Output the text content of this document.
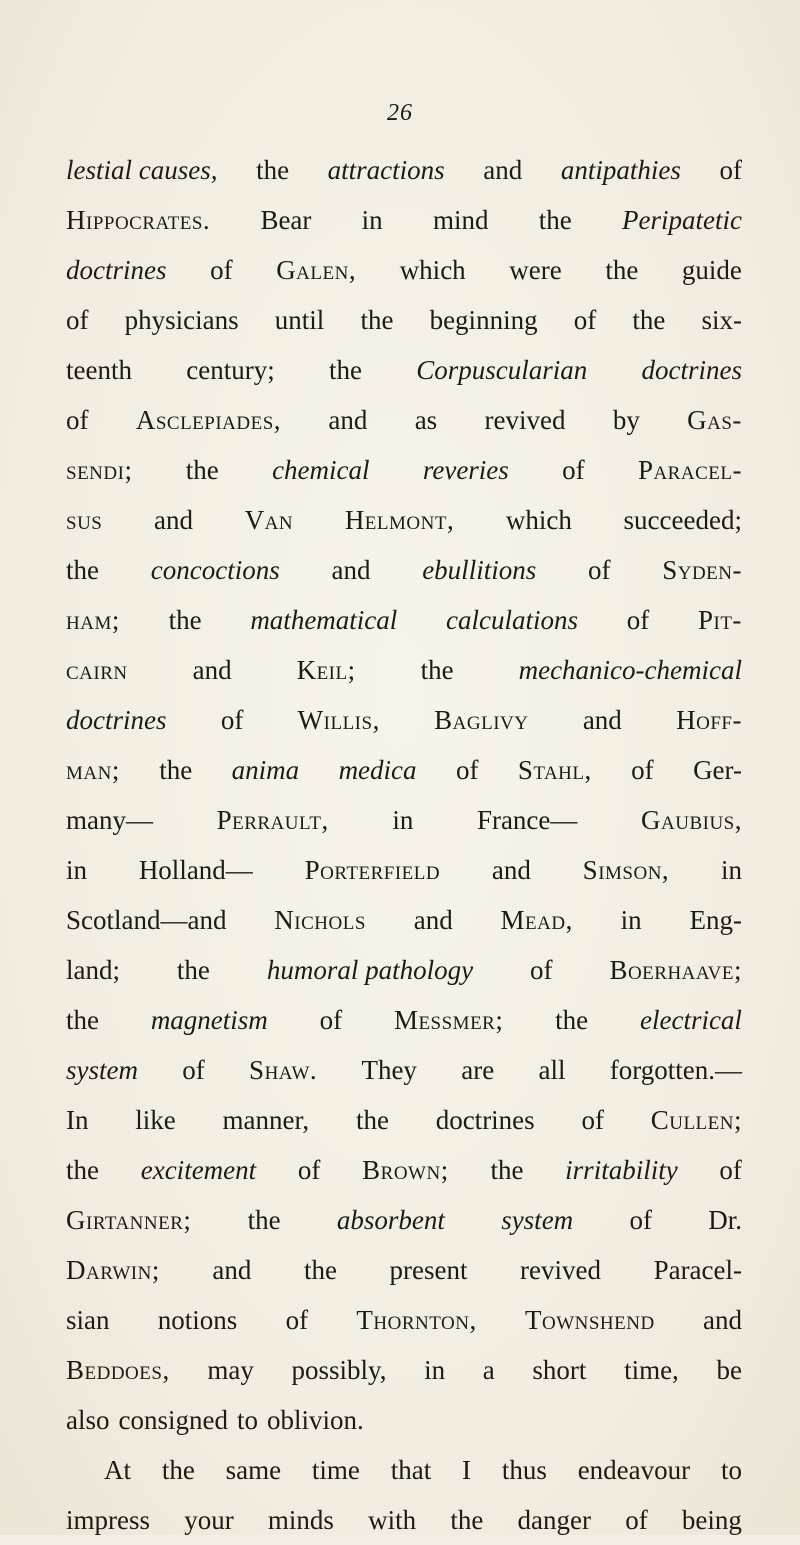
26
lestial causes, the attractions and antipathies of
Hippocrates. Bear in mind the Peripatetic
doctrines of Galen, which were the guide
of physicians until the beginning of the six-
teenth century; the Corpuscularian doctrines
of Asclepiades, and as revived by Gas-
sendi; the chemical reveries of Paracel-
sus and Van Helmont, which succeeded;
the concoctions and ebullitions of Syden-
ham; the mathematical calculations of Pit-
cairn and Keil; the mechanico-chemical
doctrines of Willis, Baglivy and Hoff-
man; the anima medica of Stahl, of Ger-
many— Perrault, in France— Gaubius,
in Holland— Porterfield and Simson, in
Scotland—and Nichols and Mead, in Eng-
land; the humoral pathology of Boerhaave;
the magnetism of Messmer; the electrical
system of Shaw. They are all forgotten.—
In like manner, the doctrines of Cullen;
the excitement of Brown; the irritability of
Girtanner; the absorbent system of Dr.
Darwin; and the present revived Paracel-
sian notions of Thornton, Townshend and
Beddoes, may possibly, in a short time, be
also consigned to oblivion.
At the same time that I thus endeavour to
impress your minds with the danger of being
